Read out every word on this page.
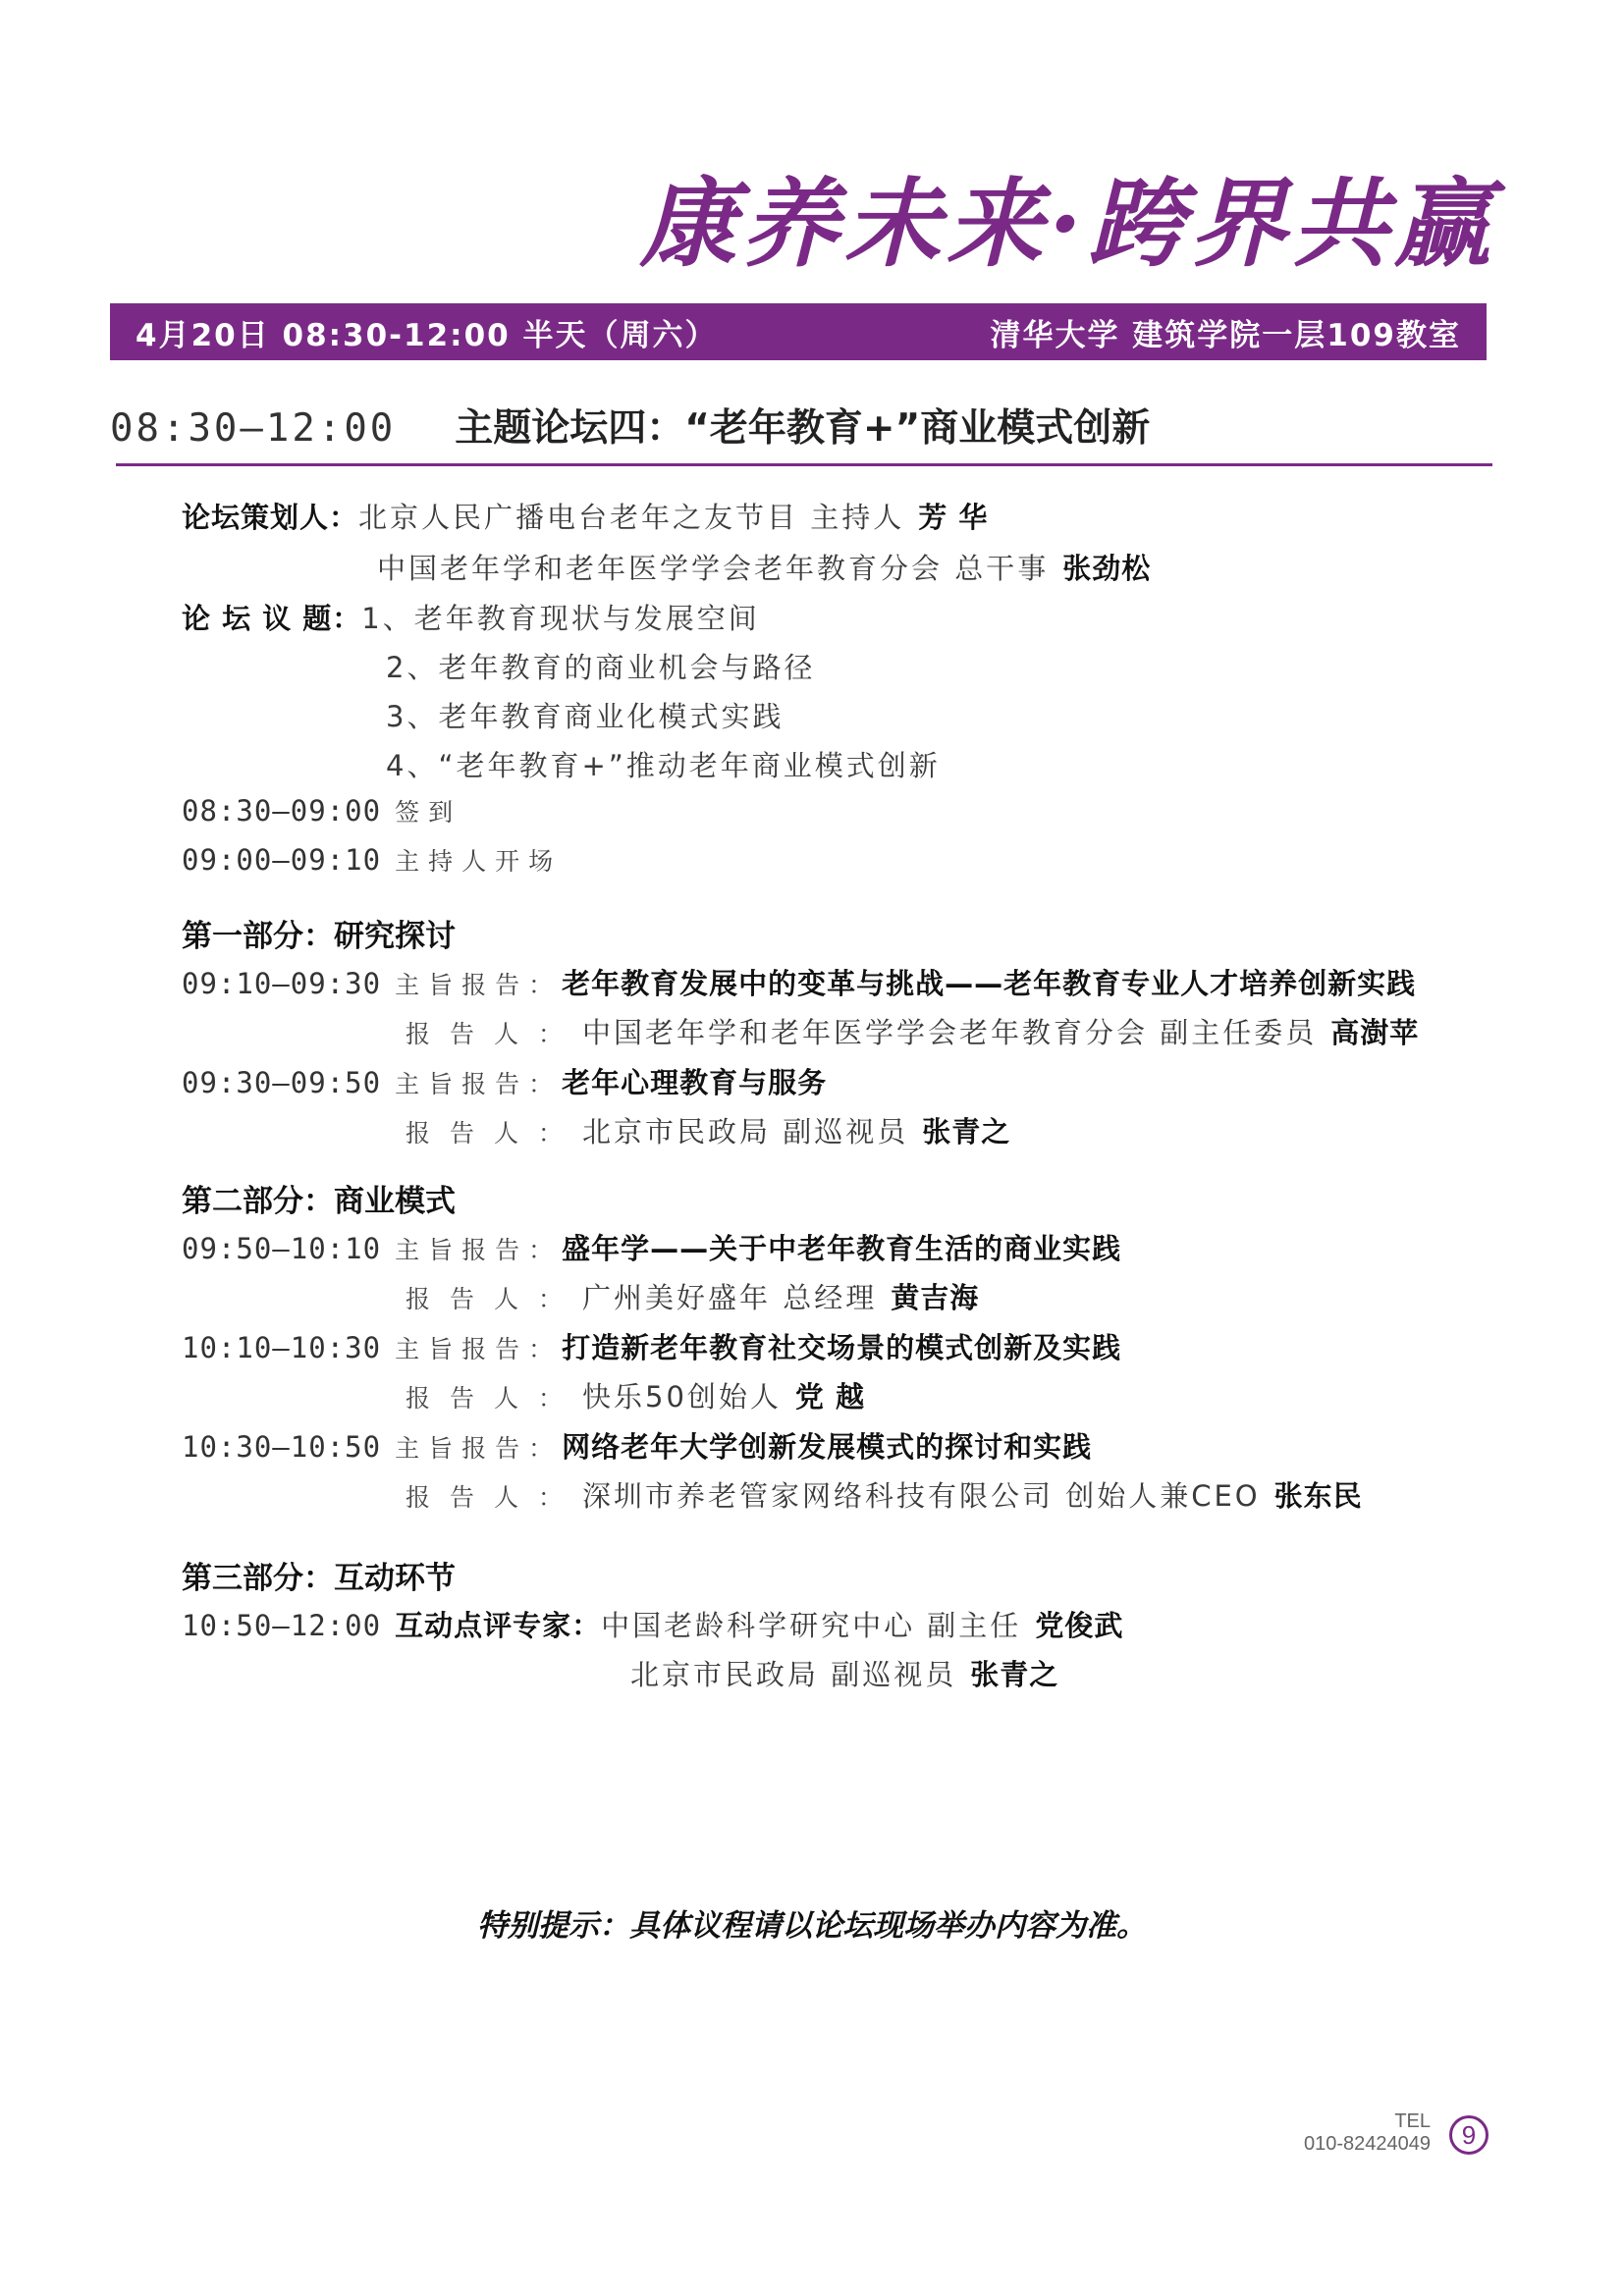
康养未来·跨界共赢
4月20日 08:30-12:00 半天（周六）	清华大学 建筑学院一层109教室
08:30—12:00 主题论坛四：“老年教育+”商业模式创新
论坛策划人：北京人民广播电台老年之友节目 主持人 芳 华
中国老年学和老年医学学会老年教育分会 总干事 张劲松
论 坛 议 题：1、老年教育现状与发展空间
2、老年教育的商业机会与路径
3、老年教育商业化模式实践
4、“老年教育+”推动老年商业模式创新
08:30—09:00 签到
09:00—09:10 主持人开场
第一部分：研究探讨
09:10—09:30 主旨报告：老年教育发展中的变革与挑战——老年教育专业人才培养创新实践
报告人：中国老年学和老年医学学会老年教育分会 副主任委员 高澍苹
09:30—09:50 主旨报告：老年心理教育与服务
报告人：北京市民政局 副巡视员 张青之
第二部分：商业模式
09:50—10:10 主旨报告：盛年学——关于中老年教育生活的商业实践
报告人：广州美好盛年 总经理 黄吉海
10:10—10:30 主旨报告：打造新老年教育社交场景的模式创新及实践
报告人：快乐50创始人 党 越
10:30—10:50 主旨报告：网络老年大学创新发展模式的探讨和实践
报告人：深圳市养老管家网络科技有限公司 创始人兼CEO 张东民
第三部分：互动环节
10:50—12:00 互动点评专家：中国老龄科学研究中心 副主任 党俊武
北京市民政局 副巡视员 张青之
特别提示：具体议程请以论坛现场举办内容为准。
TEL
010-82424049	9
